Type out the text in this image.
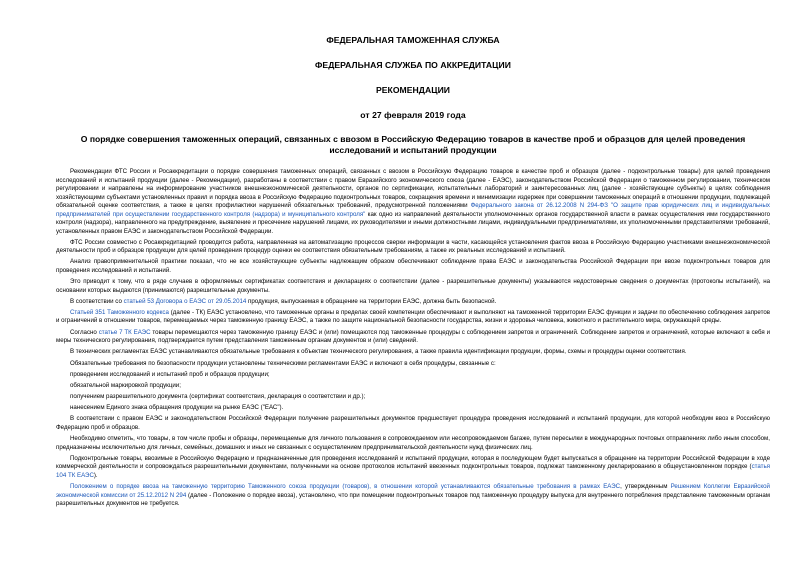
ФЕДЕРАЛЬНАЯ ТАМОЖЕННАЯ СЛУЖБА
ФЕДЕРАЛЬНАЯ СЛУЖБА ПО АККРЕДИТАЦИИ
РЕКОМЕНДАЦИИ
от 27 февраля 2019 года
О порядке совершения таможенных операций, связанных с ввозом в Российскую Федерацию товаров в качестве проб и образцов для целей проведения исследований и испытаний продукции

Рекомендации ФТС России и Росаккредитации о порядке совершения таможенных операций, связанных с ввозом в Российскую Федерацию товаров в качестве проб и образцов (далее - подконтрольные товары) для целей проведения исследований и испытаний продукции (далее - Рекомендации), разработаны в соответствии с правом Евразийского экономического союза (далее - ЕАЭС), законодательством Российской Федерации о таможенном регулировании, техническом регулировании и направлены на информирование участников внешнеэкономической деятельности, органов по сертификации, испытательных лабораторий и заинтересованных лиц (далее - хозяйствующие субъекты) в целях соблюдения хозяйствующими субъектами установленных правил и порядка ввоза в Российскую Федерацию подконтрольных товаров, сокращения времени и минимизации издержек при совершении таможенных операций в отношении продукции, подлежащей обязательной оценке соответствия, а также в целях профилактики нарушений обязательных требований, предусмотренной положениями Федерального закона от 26.12.2008 N 294-ФЗ "О защите прав юридических лиц и индивидуальных предпринимателей при осуществлении государственного контроля (надзора) и муниципального контроля" как одно из направлений деятельности уполномоченных органов государственной власти в рамках осуществления ими государственного контроля (надзора), направленного на предупреждение, выявление и пресечение нарушений лицами, их руководителями и иными должностными лицами, индивидуальными предпринимателями, их уполномоченными представителями требований, установленных правом ЕАЭС и законодательством Российской Федерации.

ФТС России совместно с Росаккредитацией проводится работа, направленная на автоматизацию процессов сверки информации в части, касающейся установления фактов ввоза в Российскую Федерацию участниками внешнеэкономической деятельности проб и образцов продукции для целей проведения процедур оценки ее соответствия обязательным требованиям, а также их реальных исследований и испытаний.

Анализ правоприменительной практики показал, что не все хозяйствующие субъекты надлежащим образом обеспечивают соблюдение права ЕАЭС и законодательства Российской Федерации при ввозе подконтрольных товаров для проведения исследований и испытаний.

Это приводит к тому, что в ряде случаев в оформляемых сертификатах соответствия и декларациях о соответствии (далее - разрешительные документы) указываются недостоверные сведения о документах (протоколы испытаний), на основании которых выдаются (принимаются) разрешительные документы.

В соответствии со статьей 53 Договора о ЕАЭС от 29.05.2014 продукция, выпускаемая в обращение на территории ЕАЭС, должна быть безопасной.

Статьей 351 Таможенного кодекса (далее - ТК) ЕАЭС установлено, что таможенные органы в пределах своей компетенции обеспечивают и выполняют на таможенной территории ЕАЭС функции и задачи по обеспечению соблюдения запретов и ограничений в отношении товаров, перемещаемых через таможенную границу ЕАЭС, а также по защите национальной безопасности государства, жизни и здоровья человека, животного и растительного мира, окружающей среды.

Согласно статье 7 ТК ЕАЭС товары перемещаются через таможенную границу ЕАЭС и (или) помещаются под таможенные процедуры с соблюдением запретов и ограничений. Соблюдение запретов и ограничений, которые включают в себя и меры технического регулирования, подтверждается путем представления таможенным органам документов и (или) сведений.

В технических регламентах ЕАЭС устанавливаются обязательные требования к объектам технического регулирования, а также правила идентификации продукции, формы, схемы и процедуры оценки соответствия.

Обязательные требования по безопасности продукции установлены техническими регламентами ЕАЭС и включают в себя процедуры, связанные с:

проведением исследований и испытаний проб и образцов продукции;

обязательной маркировкой продукции;

получением разрешительного документа (сертификат соответствия, декларация о соответствии и др.);

нанесением Единого знака обращения продукции на рынке ЕАЭС ("ЕАС").

В соответствии с правом ЕАЭС и законодательством Российской Федерации получение разрешительных документов предшествует процедура проведения исследований и испытаний продукции, для которой необходим ввоз в Российскую Федерацию проб и образцов.

Необходимо отметить, что товары, в том числе пробы и образцы, перемещаемые для личного пользования в сопровождаемом или несопровождаемом багаже, путем пересылки в международных почтовых отправлениях либо иным способом, предназначены исключительно для личных, семейных, домашних и иных не связанных с осуществлением предпринимательской деятельности нужд физических лиц.

Подконтрольные товары, ввозимые в Российскую Федерацию и предназначенные для проведения исследований и испытаний продукции, которая в последующем будет выпускаться в обращение на территории Российской Федерации в ходе коммерческой деятельности и сопровождаться разрешительными документами, полученными на основе протоколов испытаний ввезенных подконтрольных товаров, подлежат таможенному декларированию в общеустановленном порядке (статья 104 ТК ЕАЭС).

Положением о порядке ввоза на таможенную территорию Таможенного союза продукции (товаров), в отношении которой устанавливаются обязательные требования в рамках ЕАЭС, утвержденным Решением Коллегии Евразийской экономической комиссии от 25.12.2012 N 294 (далее - Положение о порядке ввоза), установлено, что при помещении подконтрольных товаров под таможенную процедуру выпуска для внутреннего потребления представление таможенным органам разрешительных документов не требуется.
